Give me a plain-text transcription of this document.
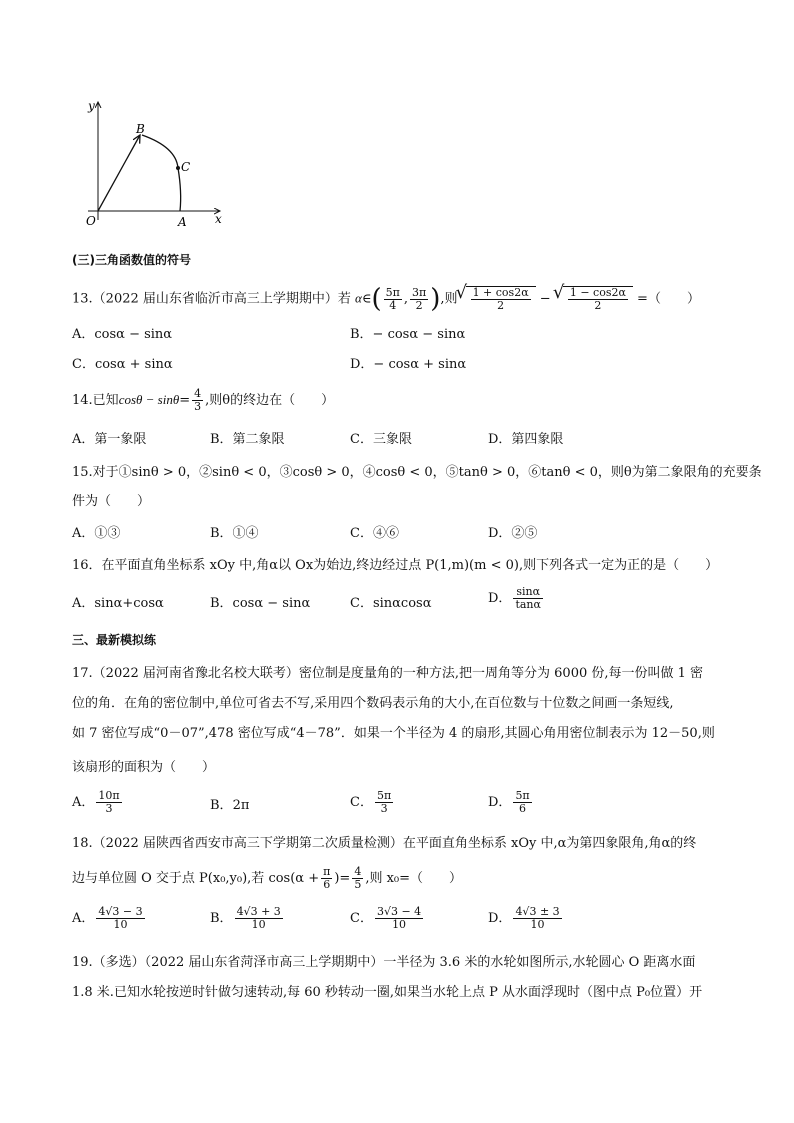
x
y
O	A
B
C
(三)三角函数值的符号
13.（2022 届山东省临沂市高三上学期期中）若 α∈( $\frac{5\pi}{4}$ , $\frac{3\pi}{2}$ ),则 √ $\frac{1 + \cos 2\alpha}{2}$ − √ $\frac{1 - \cos 2\alpha}{2}$ =（　　）
A．cosα − sinα	B．− cosα − sinα
C．cosα + sinα	D．− cosα + sinα
14.已知$\cos\theta - \sin\theta= \frac{4}{3}$ ,则θ的终边在（　　）
A．第一象限	B．第二象限	C．三象限	D．第四象限
15.对于①sinθ > 0，②sinθ < 0，③cosθ > 0，④cosθ < 0，⑤tanθ > 0，⑥tanθ < 0，则θ为第二象限角的充要条
件为（　　）
A．①③	B．①④	C．④⑥	D．②⑤
16．在平面直角坐标系 xOy 中,角α以 Ox为始边,终边经过点 P(1,m)(m < 0),则下列各式一定为正的是（　　）
A．sinα+cosα	B．cosα − sinα	C．sinαcosα	D． $\frac{\sin\alpha}{\tan\alpha}$
三、最新模拟练
17.（2022 届河南省豫北名校大联考）密位制是度量角的一种方法,把一周角等分为 6000 份,每一份叫做 1 密
位的角．在角的密位制中,单位可省去不写,采用四个数码表示角的大小,在百位数与十位数之间画一条短线,
如 7 密位写成“0－07”,478 密位写成“4－78”．如果一个半径为 4 的扇形,其圆心角用密位制表示为 12－50,则
该扇形的面积为（　　）
A． $\frac{10\pi}{3}$	B．2π	C． $\frac{5\pi}{3}$	D． $\frac{5\pi}{6}$
18.（2022 届陕西省西安市高三下学期第二次质量检测）在平面直角坐标系 xOy 中,α为第四象限角,角α的终
边与单位圆 O 交于点 P(x₀,y₀),若 $\cos(\alpha + \frac{\pi}{6}$ )= $\frac{4}{5}$ ,则 x₀=（　　）
A． $\frac{4√3 - 3}{10}$	B． $\frac{4√3 + 3}{10}$	C． $\frac{3√3 - 4}{10}$	D． $\frac{4√3 \pm 3}{10}$
19.（多选）（2022 届山东省菏泽市高三上学期期中）一半径为 3.6 米的水轮如图所示,水轮圆心 O 距离水面
1.8 米.已知水轮按逆时针做匀速转动,每 60 秒转动一圈,如果当水轮上点 P 从水面浮现时（图中点 P₀位置）开
